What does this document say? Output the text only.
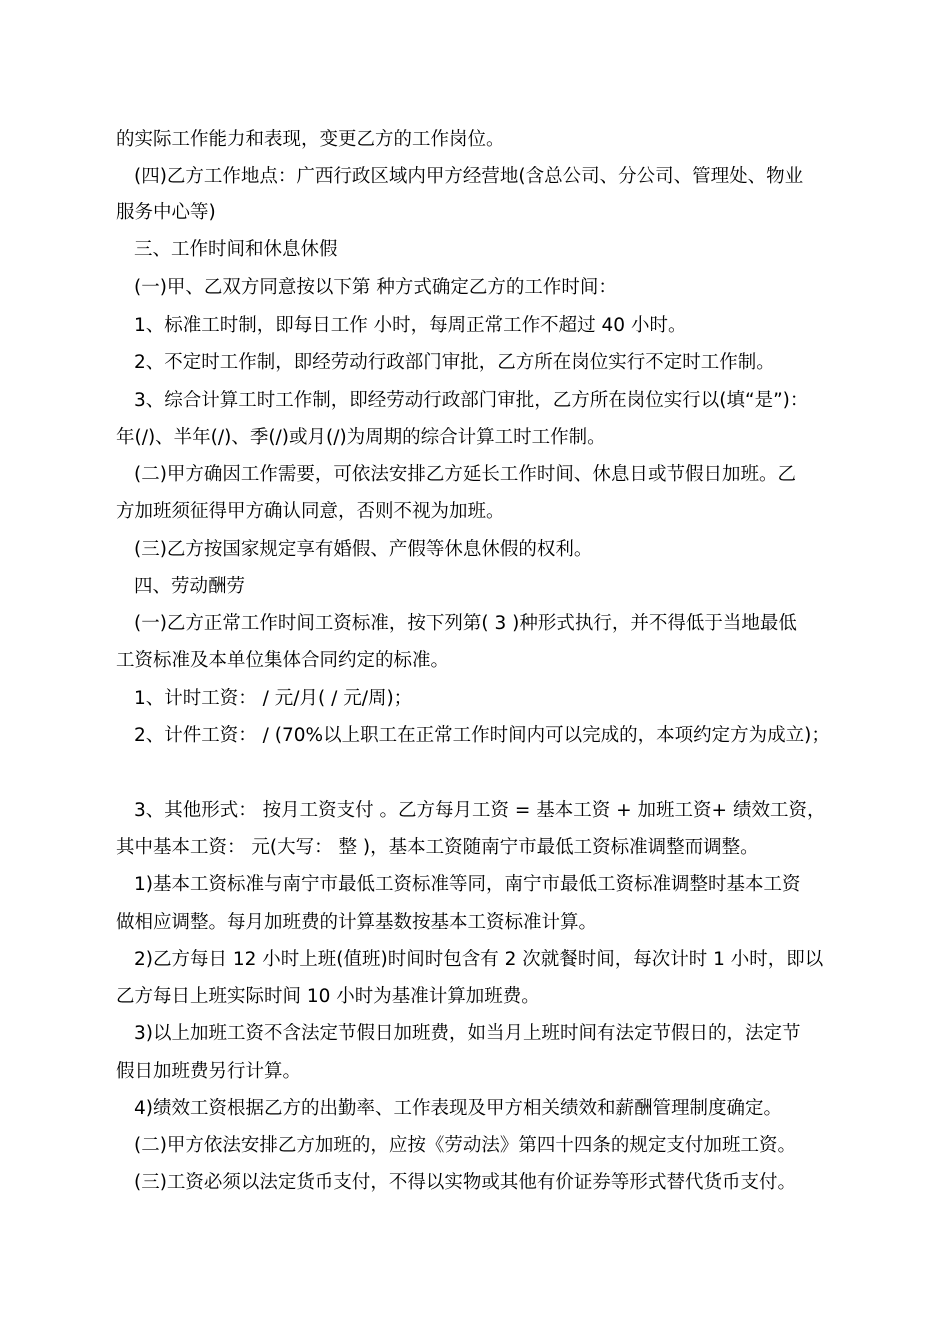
的实际工作能力和表现，变更乙方的工作岗位。
(四)乙方工作地点：广西行政区域内甲方经营地(含总公司、分公司、管理处、物业
服务中心等)
三、工作时间和休息休假
(一)甲、乙双方同意按以下第 种方式确定乙方的工作时间：
1、标准工时制，即每日工作 小时，每周正常工作不超过 40 小时。
2、不定时工作制，即经劳动行政部门审批，乙方所在岗位实行不定时工作制。
3、综合计算工时工作制，即经劳动行政部门审批，乙方所在岗位实行以(填“是”)：
年(/)、半年(/)、季(/)或月(/)为周期的综合计算工时工作制。
(二)甲方确因工作需要，可依法安排乙方延长工作时间、休息日或节假日加班。乙
方加班须征得甲方确认同意，否则不视为加班。
(三)乙方按国家规定享有婚假、产假等休息休假的权利。
四、劳动酬劳
(一)乙方正常工作时间工资标准，按下列第( 3 )种形式执行，并不得低于当地最低
工资标准及本单位集体合同约定的标准。
1、计时工资： / 元/月( / 元/周)；
2、计件工资： / (70%以上职工在正常工作时间内可以完成的，本项约定方为成立)；
3、其他形式： 按月工资支付 。乙方每月工资 = 基本工资 + 加班工资+ 绩效工资，
其中基本工资： 元(大写： 整 )，基本工资随南宁市最低工资标准调整而调整。
1)基本工资标准与南宁市最低工资标准等同，南宁市最低工资标准调整时基本工资
做相应调整。每月加班费的计算基数按基本工资标准计算。
2)乙方每日 12 小时上班(值班)时间时包含有 2 次就餐时间，每次计时 1 小时，即以
乙方每日上班实际时间 10 小时为基准计算加班费。
3)以上加班工资不含法定节假日加班费，如当月上班时间有法定节假日的，法定节
假日加班费另行计算。
4)绩效工资根据乙方的出勤率、工作表现及甲方相关绩效和薪酬管理制度确定。
(二)甲方依法安排乙方加班的，应按《劳动法》第四十四条的规定支付加班工资。
(三)工资必须以法定货币支付，不得以实物或其他有价证券等形式替代货币支付。
